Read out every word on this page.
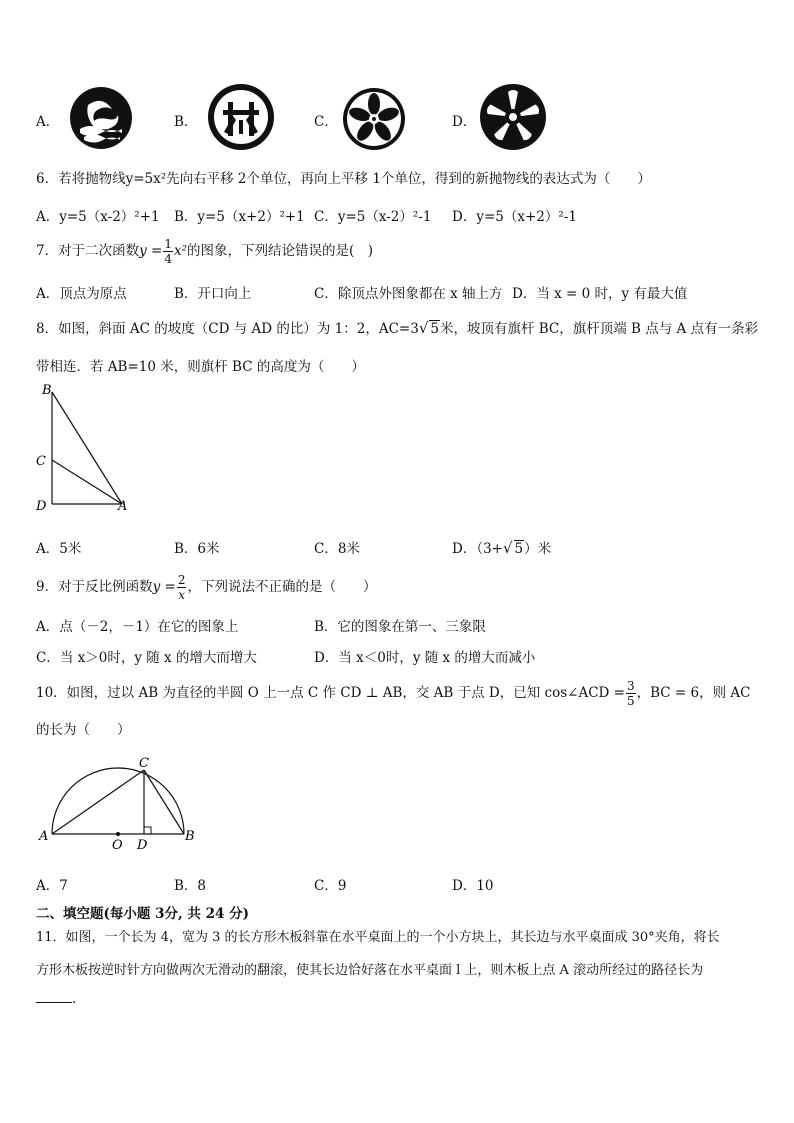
A．	B．	C．	D．
6．若将抛物线y=5x²先向右平移 2个单位，再向上平移 1个单位，得到的新抛物线的表达式为（　　）
A．y=5（x-2）²+1 B．y=5（x+2）²+1 C．y=5（x-2）²-1 D．y=5（x+2）²-1
7．对于二次函数$y = \frac{1}{4} x^2$的图象，下列结论错误的是(　)
A．顶点为原点	B．开口向上	C．除顶点外图象都在 x 轴上方 D．当 x = 0 时，y 有最大值
8．如图，斜面 AC 的坡度（CD 与 AD 的比）为 1：2，AC=3√ 5米，坡顶有旗杆 BC，旗杆顶端 B 点与 A 点有一条彩
带相连．若 AB=10 米，则旗杆 BC 的高度为（　　）
B
C
D	A
A．5米	B．6米	C．8米	D．（3+√ 5）米
9．对于反比例函数$y = \frac{2}{x}$ ，下列说法不正确的是（　　）
A．点（－2，－1）在它的图象上	B．它的图象在第一、三象限
C．当 x＞0时，y 随 x 的增大而增大	D．当 x＜0时，y 随 x 的增大而减小
10．如图，过以 AB 为直径的半圆 O 上一点 C 作 CD ⊥ AB，交 AB 于点 D，已知 cos∠ACD = $\frac{3}{5}$ ，BC = 6，则 AC
的长为（　　）
C
A
O D
B
A．7	B．8	C．9	D．10
二、填空题(每小题 3分, 共 24 分)
11．如图，一个长为 4，宽为 3 的长方形木板斜靠在水平桌面上的一个小方块上，其长边与水平桌面成 30°夹角，将长
方形木板按逆时针方向做两次无滑动的翻滚，使其长边恰好落在水平桌面 l 上，则木板上点 A 滚动所经过的路径长为
.
